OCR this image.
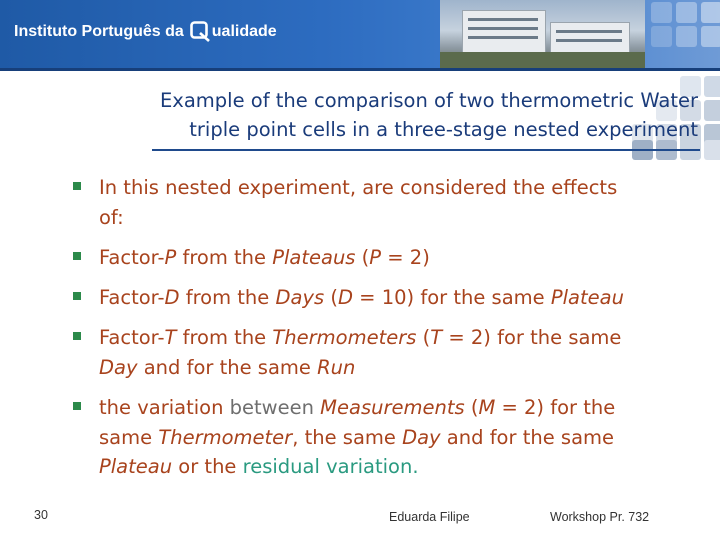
Instituto Português da ualidade
Example of the comparison of two thermometric Water
triple point cells in a three-stage nested experiment
In this nested experiment, are considered the effects
of:
Factor-P from the Plateaus (P = 2)
Factor-D from the Days (D = 10) for the same Plateau
Factor-T from the Thermometers (T = 2) for the same
Day and for the same Run
the variation between Measurements (M = 2) for the
same Thermometer, the same Day and for the same
Plateau or the residual variation.
30	Eduarda Filipe	Workshop Pr. 732
